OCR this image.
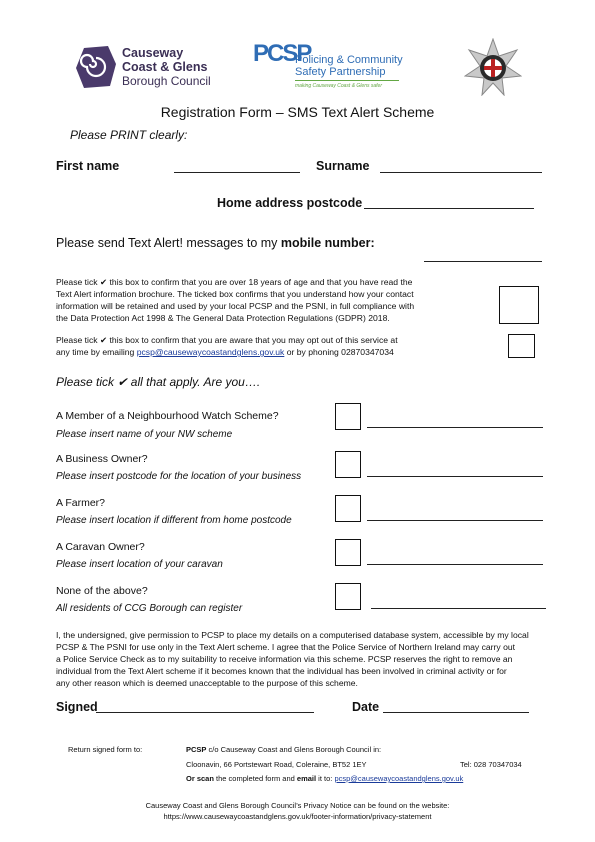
Causeway
Coast & Glens
Borough Council
PCSP
Policing & Community
Safety Partnership
making Causeway Coast & Glens safer
Registration Form – SMS Text Alert Scheme
Please PRINT clearly:
First name	Surname
Home address postcode
Please send Text Alert! messages to my mobile number:
Please tick ✔ this box to confirm that you are over 18 years of age and that you have read the
Text Alert information brochure. The ticked box confirms that you understand how your contact
information will be retained and used by your local PCSP and the PSNI, in full compliance with
the Data Protection Act 1998 & The General Data Protection Regulations (GDPR) 2018.
Please tick ✔ this box to confirm that you are aware that you may opt out of this service at
any time by emailing pcsp@causewaycoastandglens.gov.uk or by phoning 02870347034
Please tick ✔ all that apply. Are you….
A Member of a Neighbourhood Watch Scheme?
Please insert name of your NW scheme
A Business Owner?
Please insert postcode for the location of your business
A Farmer?
Please insert location if different from home postcode
A Caravan Owner?
Please insert location of your caravan
None of the above?
All residents of CCG Borough can register
I, the undersigned, give permission to PCSP to place my details on a computerised database system, accessible by my local
PCSP & The PSNI for use only in the Text Alert scheme. I agree that the Police Service of Northern Ireland may carry out
a Police Service Check as to my suitability to receive information via this scheme. PCSP reserves the right to remove an
individual from the Text Alert scheme if it becomes known that the individual has been involved in criminal activity or for
any other reason which is deemed unacceptable to the purpose of this scheme.
Signed	Date
Return signed form to:	PCSP c/o Causeway Coast and Glens Borough Council in:
Cloonavin, 66 Portstewart Road, Coleraine, BT52 1EY	Tel: 028 70347034
Or scan the completed form and email it to: pcsp@causewaycoastandglens.gov.uk
Causeway Coast and Glens Borough Council’s Privacy Notice can be found on the website:
https://www.causewaycoastandglens.gov.uk/footer-information/privacy-statement
